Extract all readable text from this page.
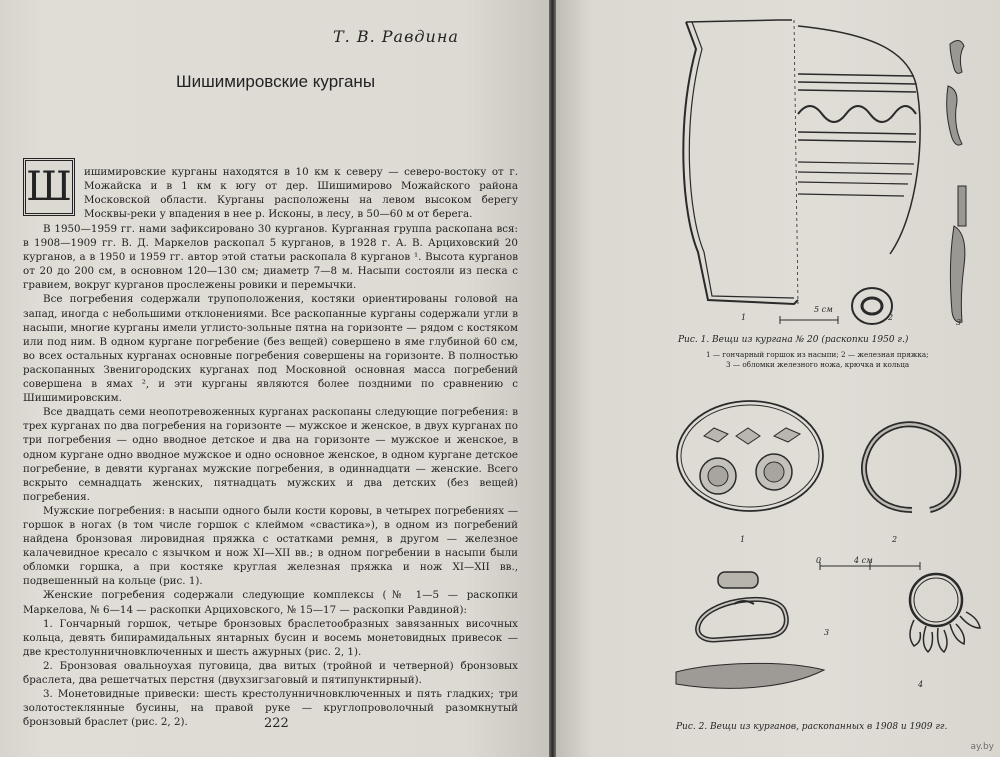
Т. В. Равдина
Шишимировские курганы
Ш	ишимировские курганы находятся в 10 км к северу — северо-востоку от г. Можайска и в 1 км к югу от дер. Шишимирово Можайского района Московской области. Курганы расположены на левом высоком берегу Москвы-реки у впадения в нее р. Исконы, в лесу, в 50—60 м от берега.

В 1950—1959 гг. нами зафиксировано 30 курганов. Курганная группа раскопана вся: в 1908—1909 гг. В. Д. Маркелов раскопал 5 курганов, в 1928 г. А. В. Арциховский 20 курганов, а в 1950 и 1959 гг. автор этой статьи раскопала 8 курганов ¹. Высота курганов от 20 до 200 см, в основном 120—130 см; диаметр 7—8 м. Насыпи состояли из песка с гравием, вокруг курганов прослежены ровики и перемычки.

Все погребения содержали трупоположения, костяки ориентированы головой на запад, иногда с небольшими отклонениями. Все раскопанные курганы содержали угли в насыпи, многие курганы имели углисто-зольные пятна на горизонте — рядом с костяком или под ним. В одном кургане погребение (без вещей) совершено в яме глубиной 60 см, во всех остальных курганах основные погребения совершены на горизонте. В полностью раскопанных Звенигородских курганах под Московной основная масса погребений совершена в ямах ², и эти курганы являются более поздними по сравнению с Шишимировским.

Все двадцать семи неопотревоженных курганах раскопаны следующие погребения: в трех курганах по два погребения на горизонте — мужское и женское, в двух курганах по три погребения — одно вводное детское и два на горизонте — мужское и женское, в одном кургане одно вводное мужское и одно основное женское, в одном кургане детское погребение, в девяти курганах мужские погребения, в одиннадцати — женские. Всего вскрыто семнадцать женских, пятнадцать мужских и два детских (без вещей) погребения.

Мужские погребения: в насыпи одного были кости коровы, в четырех погребениях — горшок в ногах (в том числе горшок с клеймом «свастика»), в одном из погребений найдена бронзовая лировидная пряжка с остатками ремня, в другом — железное калачевидное кресало с язычком и нож XI—XII вв.; в одном погребении в насыпи были обломки горшка, а при костяке круглая железная пряжка и нож XI—XII вв., подвешенный на кольце (рис. 1).

Женские погребения содержали следующие комплексы (№ 1—5 — раскопки Маркелова, № 6—14 — раскопки Арциховского, № 15—17 — раскопки Равдиной):

1. Гончарный горшок, четыре бронзовых браслетообразных завязанных височных кольца, девять бипирамидальных янтарных бусин и восемь монетовидных привесок — две крестолунничновключенных и шесть ажурных (рис. 2, 1).

2. Бронзовая овальноухая пуговица, два витых (тройной и четверной) бронзовых браслета, два решетчатых перстня (двухзигзаговый и пятипунктирный).

3. Монетовидные привески: шесть крестолунничновключенных и пять гладких; три золотостеклянные бусины, на правой руке — круглопроволочный разомкнутый бронзовый браслет (рис. 2, 2).	222
5 см
1	2
3
Рис. 1. Вещи из кургана № 20 (раскопки 1950 г.)
1 — гончарный горшок из насыпи; 2 — железная пряжка;
3 — обломки железного ножа, крючка и кольца
1	2
0	4 см
3
4
Рис. 2. Вещи из курганов, раскопанных в 1908 и 1909 гг.
ay.by
